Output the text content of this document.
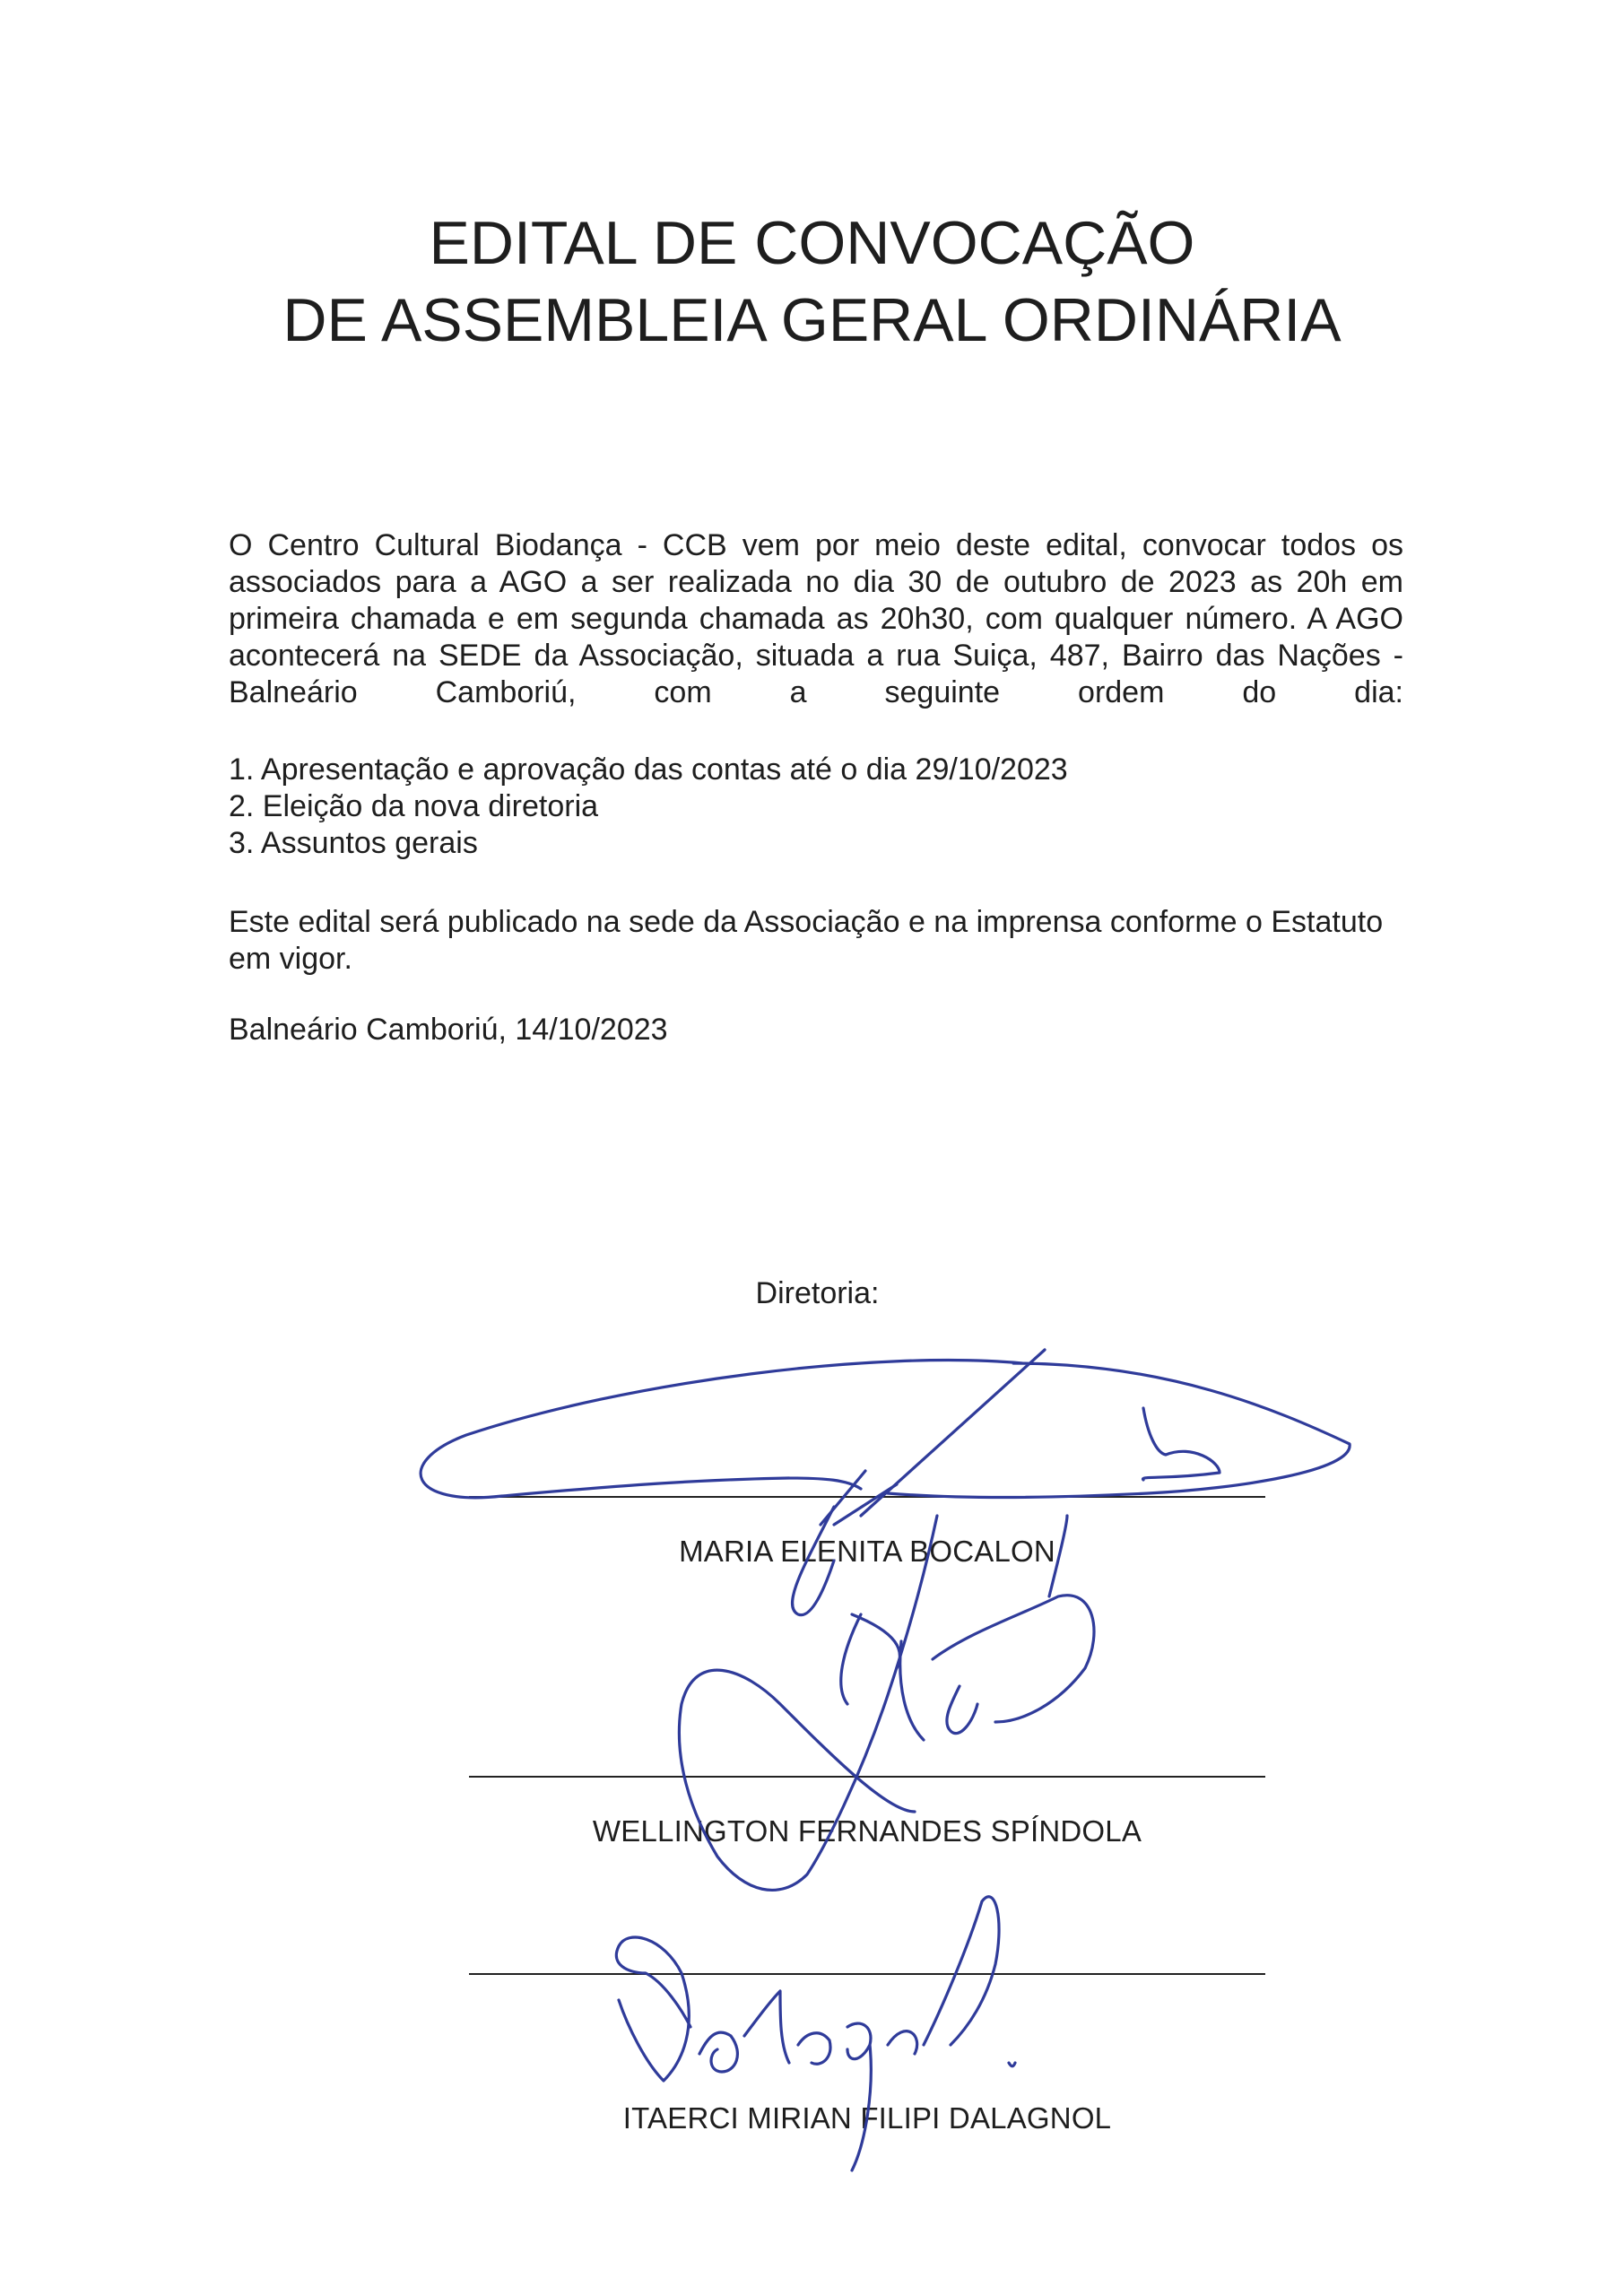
EDITAL DE CONVOCAÇÃO
DE ASSEMBLEIA GERAL ORDINÁRIA
O Centro Cultural Biodança - CCB vem por meio deste edital, convocar todos os associados para a AGO a ser realizada no dia 30 de outubro de 2023 as 20h em primeira chamada e em segunda chamada as 20h30, com qualquer número. A AGO acontecerá na SEDE da Associação, situada a rua Suiça, 487, Bairro das Nações - Balneário Camboriú, com a seguinte ordem do dia:
1. Apresentação e aprovação das contas até o dia 29/10/2023
2. Eleição da nova diretoria
3. Assuntos gerais
Este edital será publicado na sede da Associação e na imprensa conforme o Estatuto em vigor.
Balneário Camboriú, 14/10/2023
Diretoria:
MARIA ELENITA BOCALON
WELLINGTON FERNANDES SPÍNDOLA
ITAERCI MIRIAN FILIPI DALAGNOL
